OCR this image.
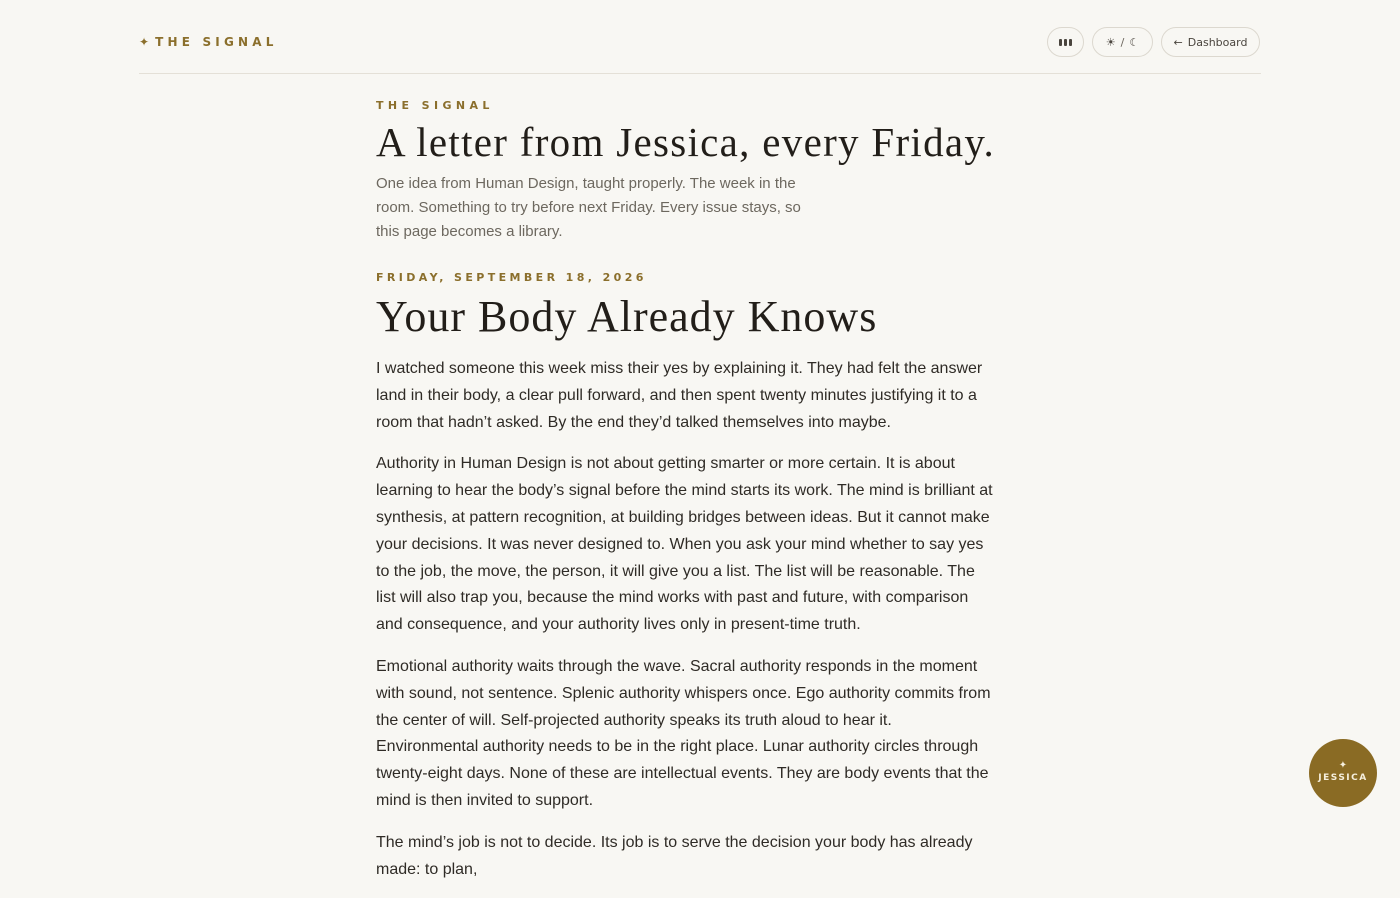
✦ THE SIGNAL	☀ / ☾	← Dashboard
THE SIGNAL
A letter from Jessica, every Friday.

One idea from Human Design, taught properly. The week in the room. Something to try before next Friday. Every issue stays, so this page becomes a library.

FRIDAY, SEPTEMBER 18, 2026
Your Body Already Knows

I watched someone this week miss their yes by explaining it. They had felt the answer land in their body, a clear pull forward, and then spent twenty minutes justifying it to a room that hadn’t asked. By the end they’d talked themselves into maybe.

Authority in Human Design is not about getting smarter or more certain. It is about learning to hear the body’s signal before the mind starts its work. The mind is brilliant at synthesis, at pattern recognition, at building bridges between ideas. But it cannot make your decisions. It was never designed to. When you ask your mind whether to say yes to the job, the move, the person, it will give you a list. The list will be reasonable. The list will also trap you, because the mind works with past and future, with comparison and consequence, and your authority lives only in present-time truth.

Emotional authority waits through the wave. Sacral authority responds in the moment with sound, not sentence. Splenic authority whispers once. Ego authority commits from the center of will. Self-projected authority speaks its truth aloud to hear it. Environmental authority needs to be in the right place. Lunar authority circles through twenty-eight days. None of these are intellectual events. They are body events that the mind is then invited to support.

The mind’s job is not to decide. Its job is to serve the decision your body has already made: to plan,

✦
JESSICA
